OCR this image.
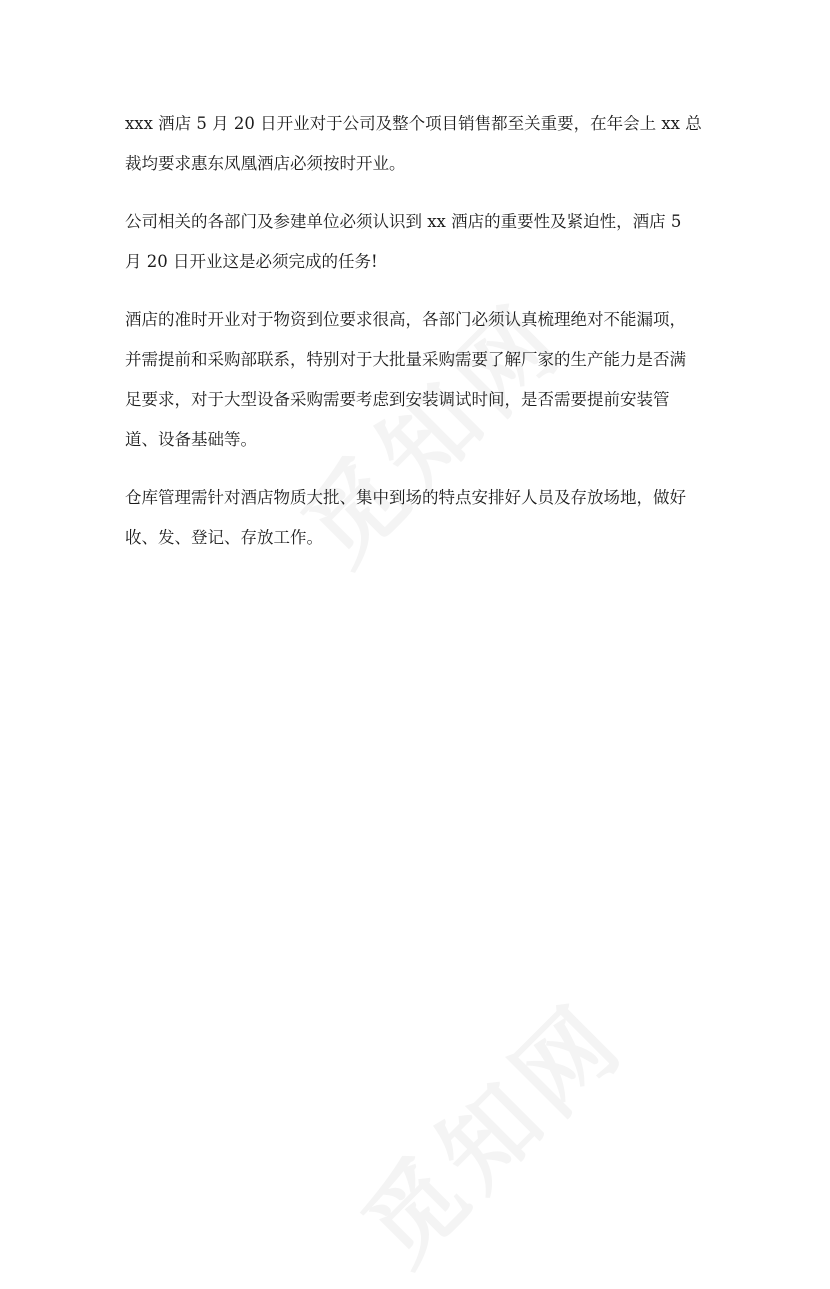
xxx 酒店 5 月 20 日开业对于公司及整个项目销售都至关重要，在年会上 xx 总
裁均要求惠东凤凰酒店必须按时开业。

公司相关的各部门及参建单位必须认识到 xx 酒店的重要性及紧迫性，酒店 5
月 20 日开业这是必须完成的任务!

酒店的准时开业对于物资到位要求很高，各部门必须认真梳理绝对不能漏项，
并需提前和采购部联系，特别对于大批量采购需要了解厂家的生产能力是否满
足要求，对于大型设备采购需要考虑到安装调试时间，是否需要提前安装管
道、设备基础等。

仓库管理需针对酒店物质大批、集中到场的特点安排好人员及存放场地，做好
收、发、登记、存放工作。
